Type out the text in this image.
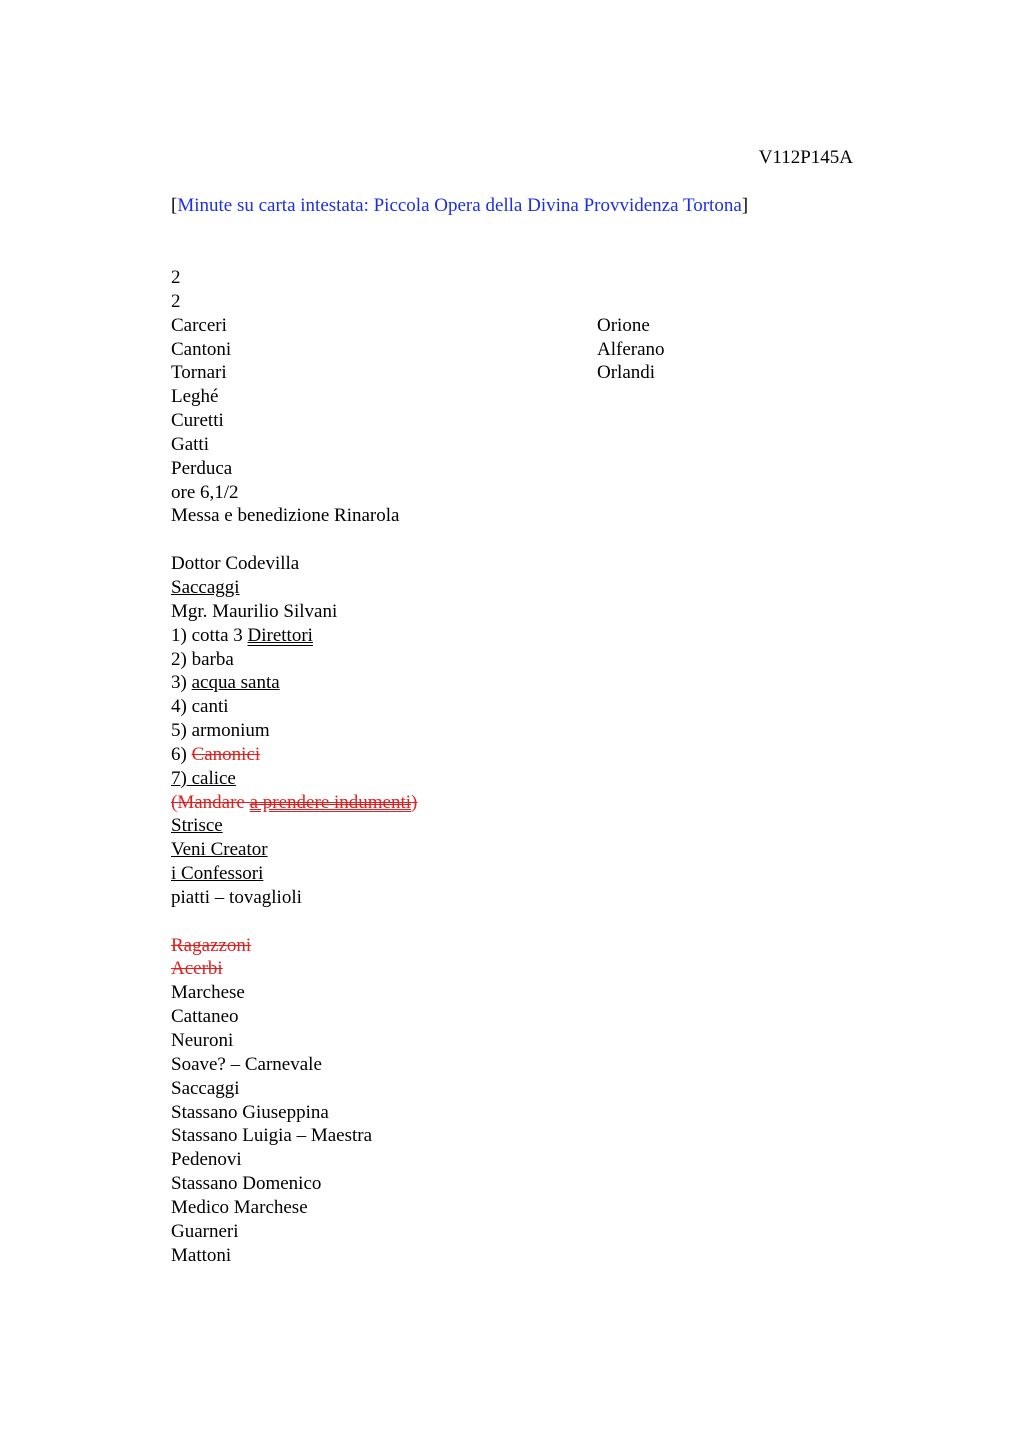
V112P145A
[Minute su carta intestata: Piccola Opera della Divina Provvidenza Tortona]
2
2
Carceri
Cantoni
Tornari
Leghé
Curetti
Gatti
Perduca
ore 6,1/2
Messa e benedizione Rinarola
Dottor Codevilla
Saccaggi
Mgr. Maurilio Silvani
1) cotta 3 Direttori
2) barba
3) acqua santa
4) canti
5) armonium
6) Canonici
7) calice
(Mandare a prendere indumenti)
Strisce
Veni Creator
i Confessori
piatti – tovaglioli
Ragazzoni
Acerbi
Marchese
Cattaneo
Neuroni
Soave? – Carnevale
Saccaggi
Stassano Giuseppina
Stassano Luigia – Maestra
Pedenovi
Stassano Domenico
Medico Marchese
Guarneri
Mattoni
Orione
Alferano
Orlandi
